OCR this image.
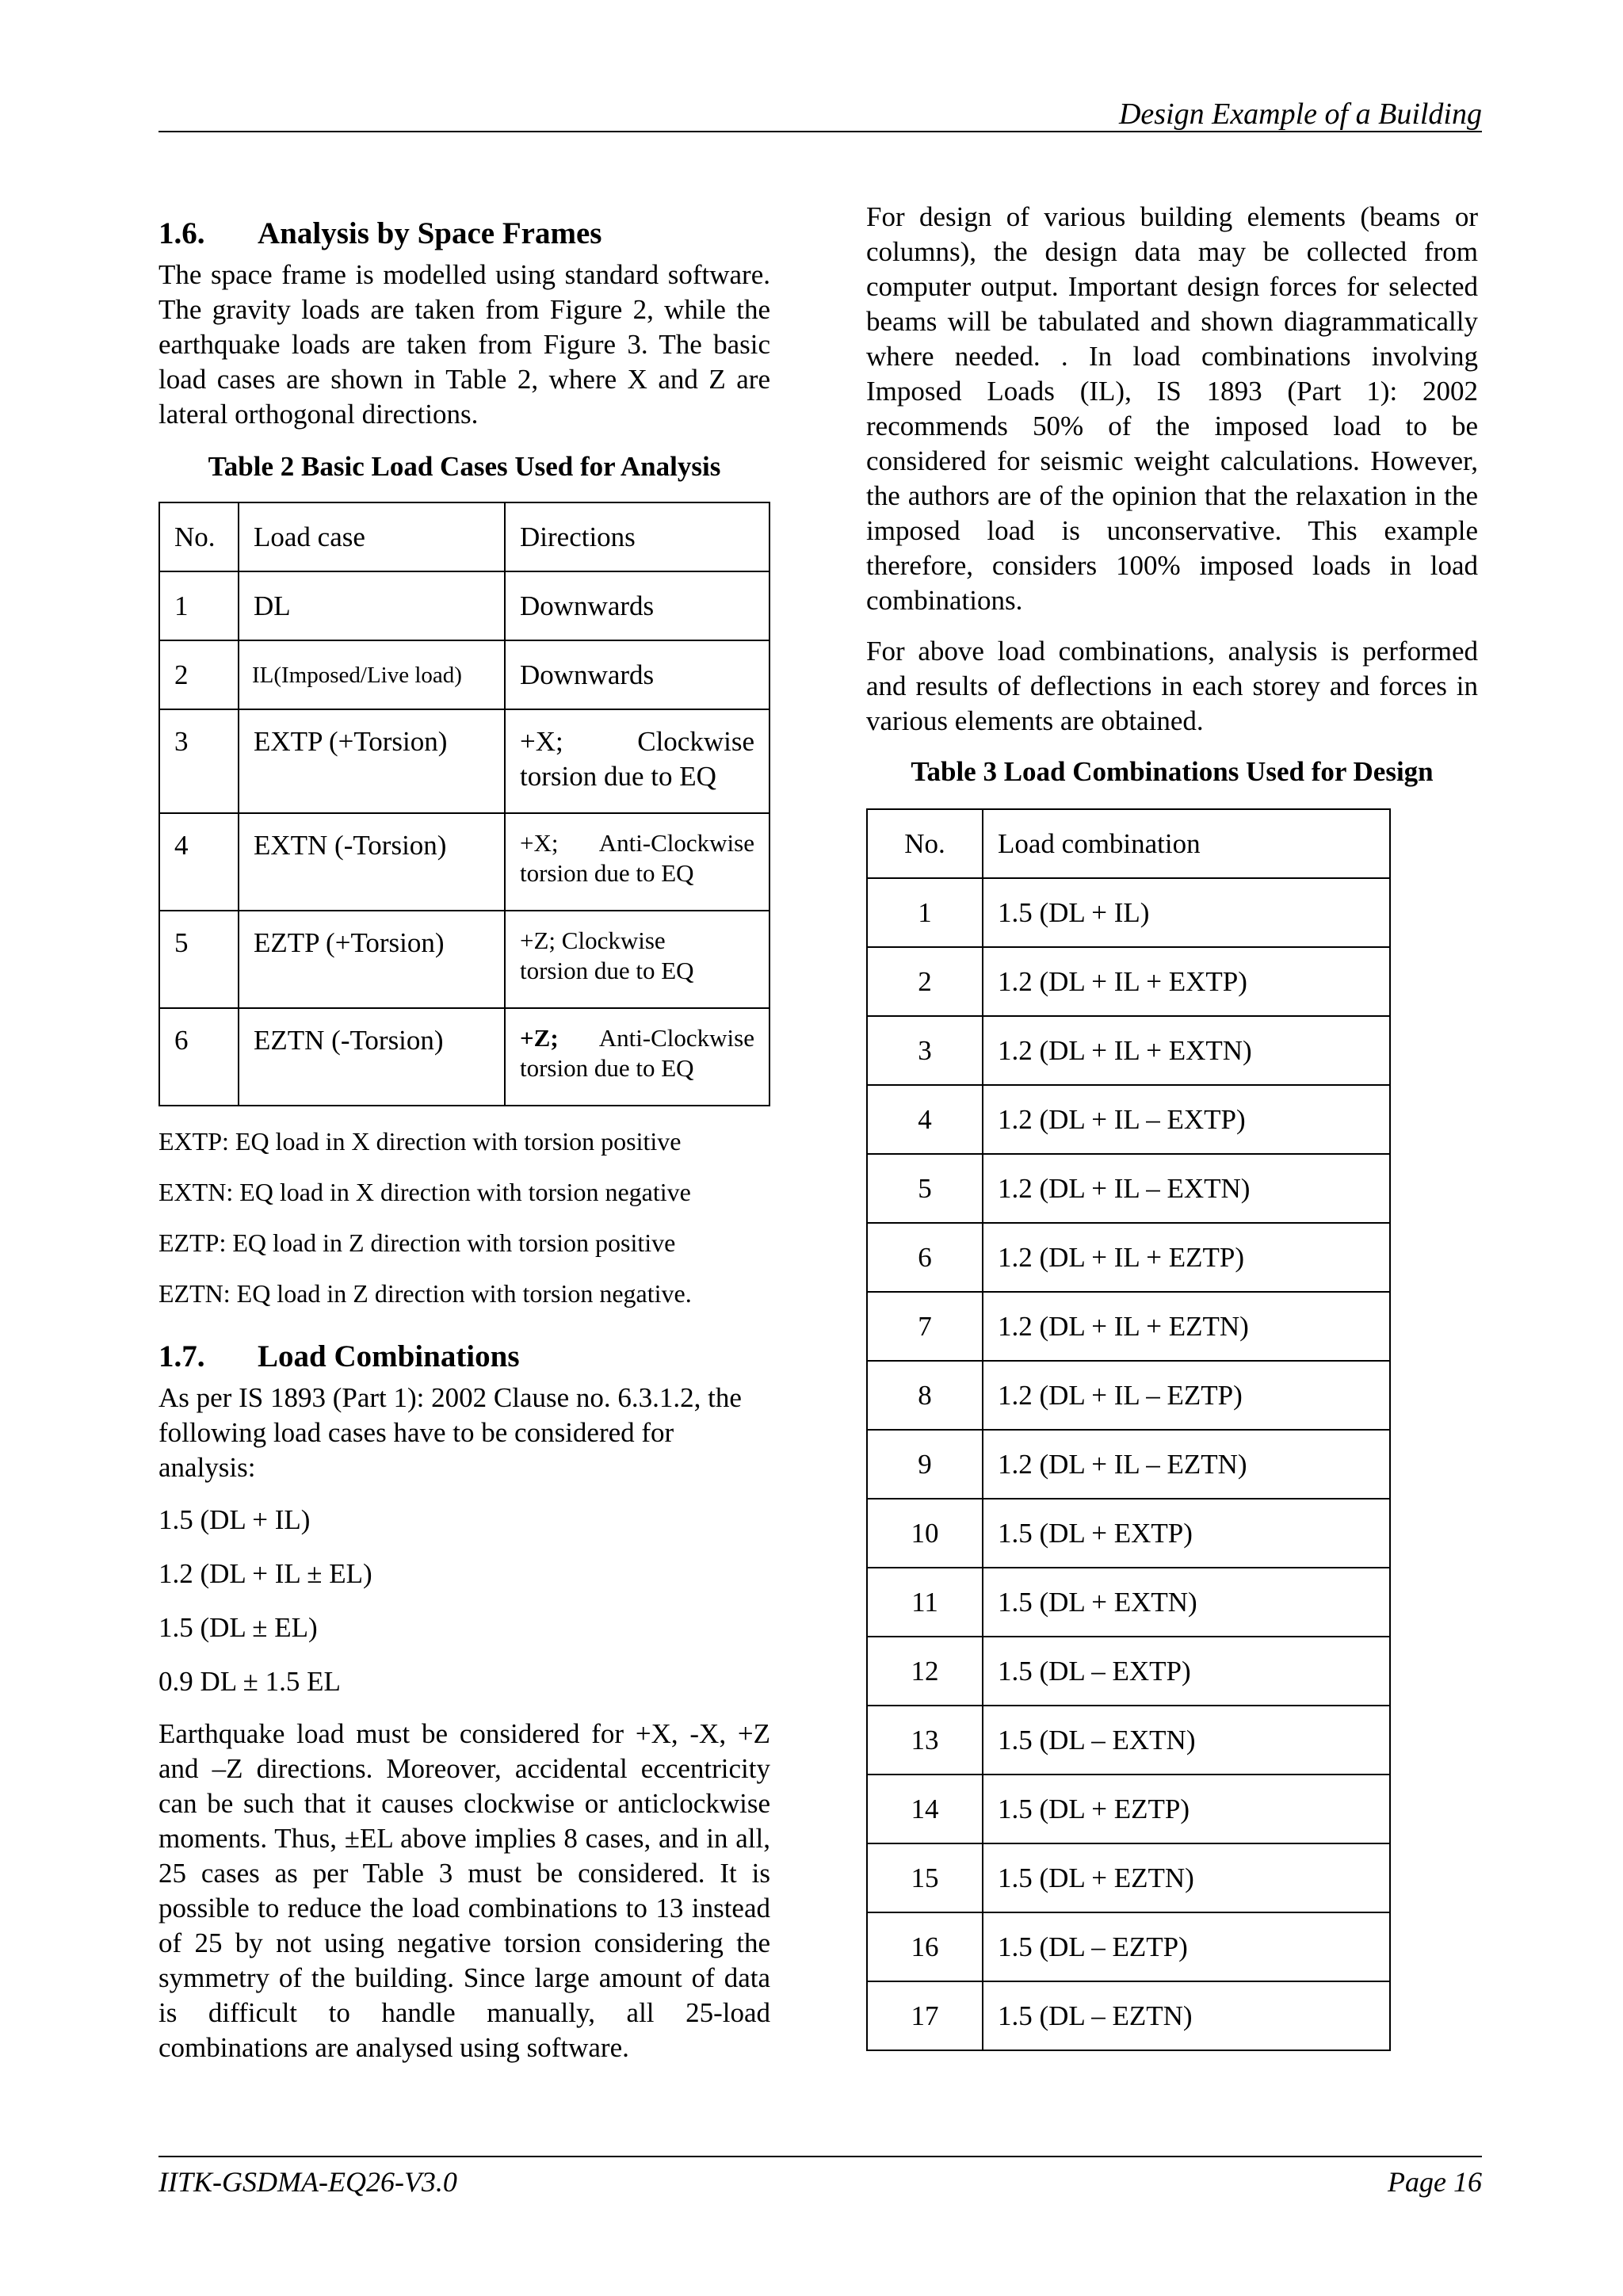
Design Example of a Building
1.6. Analysis by Space Frames

The space frame is modelled using standard software. The gravity loads are taken from Figure 2, while the earthquake loads are taken from Figure 3. The basic load cases are shown in Table 2, where X and Z are lateral orthogonal directions.

Table 2 Basic Load Cases Used for Analysis

No.	Load case	Directions
1	DL	Downwards
2	IL(Imposed/Live load)	Downwards
3	EXTP (+Torsion)	+X; Clockwise
torsion due to EQ

4	EXTN (-Torsion)	+X; Anti-Clockwise
torsion due to EQ

5	EZTP (+Torsion)	+Z; Clockwise
torsion due to EQ

6	EZTN (-Torsion)	+Z; Anti-Clockwise
torsion due to EQ

EXTP: EQ load in X direction with torsion positive

EXTN: EQ load in X direction with torsion negative

EZTP: EQ load in Z direction with torsion positive

EZTN: EQ load in Z direction with torsion negative.

1.7. Load Combinations

As per IS 1893 (Part 1): 2002 Clause no. 6.3.1.2, the following load cases have to be considered for analysis:

1.5 (DL + IL)

1.2 (DL + IL ± EL)

1.5 (DL ± EL)

0.9 DL ± 1.5 EL

Earthquake load must be considered for +X, -X, +Z and –Z directions. Moreover, accidental eccentricity can be such that it causes clockwise or anticlockwise moments. Thus, ±EL above implies 8 cases, and in all, 25 cases as per Table 3 must be considered. It is possible to reduce the load combinations to 13 instead of 25 by not using negative torsion considering the symmetry of the building. Since large amount of data is difficult to handle manually, all 25-load combinations are analysed using software.

For design of various building elements (beams or columns), the design data may be collected from computer output. Important design forces for selected beams will be tabulated and shown diagrammatically where needed. . In load combinations involving Imposed Loads (IL), IS 1893 (Part 1): 2002 recommends 50% of the imposed load to be considered for seismic weight calculations. However, the authors are of the opinion that the relaxation in the imposed load is unconservative. This example therefore, considers 100% imposed loads in load combinations.

For above load combinations, analysis is performed and results of deflections in each storey and forces in various elements are obtained.

Table 3 Load Combinations Used for Design

No.	Load combination
1	1.5 (DL + IL)
2	1.2 (DL + IL + EXTP)
3	1.2 (DL + IL + EXTN)
4	1.2 (DL + IL – EXTP)
5	1.2 (DL + IL – EXTN)
6	1.2 (DL + IL + EZTP)
7	1.2 (DL + IL + EZTN)
8	1.2 (DL + IL – EZTP)
9	1.2 (DL + IL – EZTN)
10	1.5 (DL + EXTP)
11	1.5 (DL + EXTN)
12	1.5 (DL – EXTP)
13	1.5 (DL – EXTN)
14	1.5 (DL + EZTP)
15	1.5 (DL + EZTN)
16	1.5 (DL – EZTP)
17	1.5 (DL – EZTN)
IITK-GSDMA-EQ26-V3.0	Page 16
